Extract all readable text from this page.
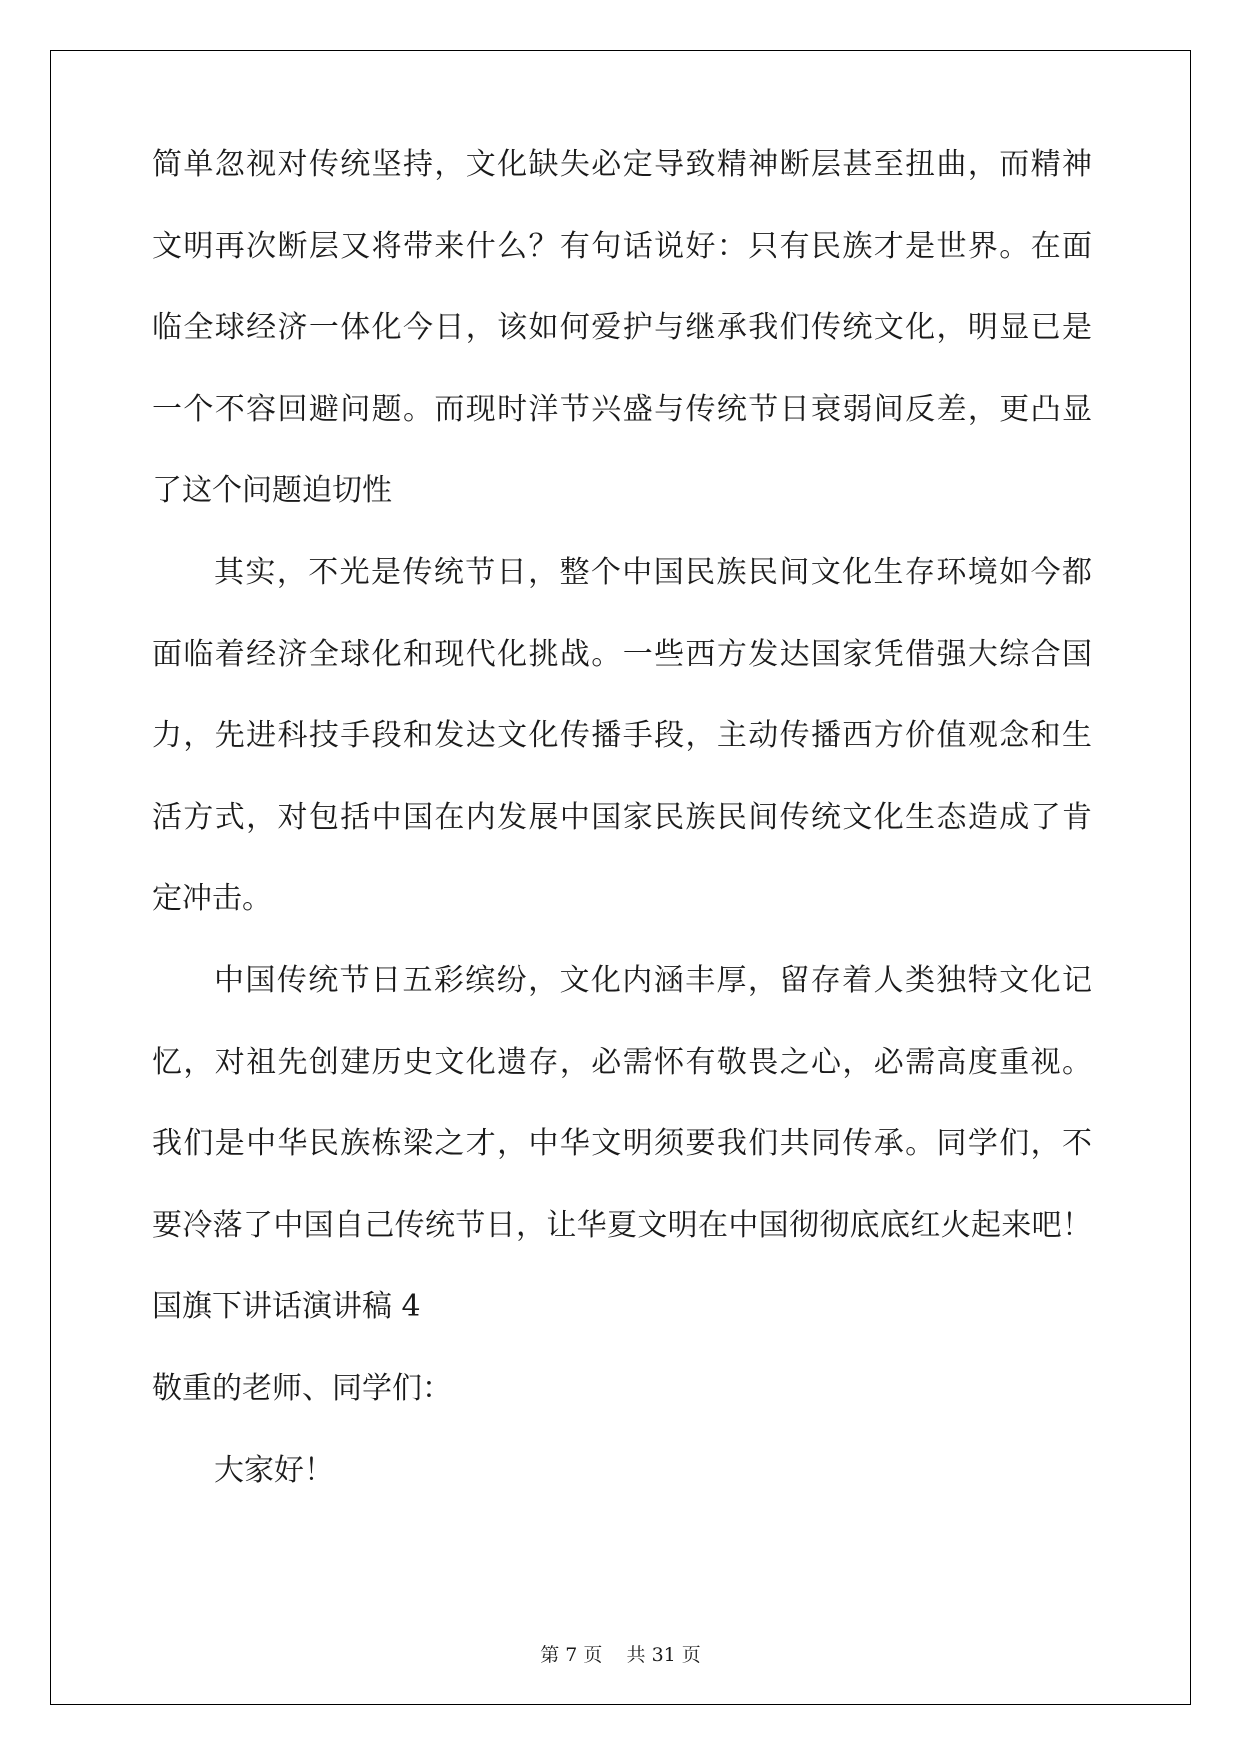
简单忽视对传统坚持，文化缺失必定导致精神断层甚至扭曲，而精神
文明再次断层又将带来什么？有句话说好：只有民族才是世界。在面
临全球经济一体化今日，该如何爱护与继承我们传统文化，明显已是
一个不容回避问题。而现时洋节兴盛与传统节日衰弱间反差，更凸显
了这个问题迫切性
其实，不光是传统节日，整个中国民族民间文化生存环境如今都
面临着经济全球化和现代化挑战。一些西方发达国家凭借强大综合国
力，先进科技手段和发达文化传播手段，主动传播西方价值观念和生
活方式，对包括中国在内发展中国家民族民间传统文化生态造成了肯
定冲击。
中国传统节日五彩缤纷，文化内涵丰厚，留存着人类独特文化记
忆，对祖先创建历史文化遗存，必需怀有敬畏之心，必需高度重视。
我们是中华民族栋梁之才，中华文明须要我们共同传承。同学们，不
要冷落了中国自己传统节日，让华夏文明在中国彻彻底底红火起来吧！
国旗下讲话演讲稿 4
敬重的老师、同学们：
大家好！
第 7 页    共 31 页
